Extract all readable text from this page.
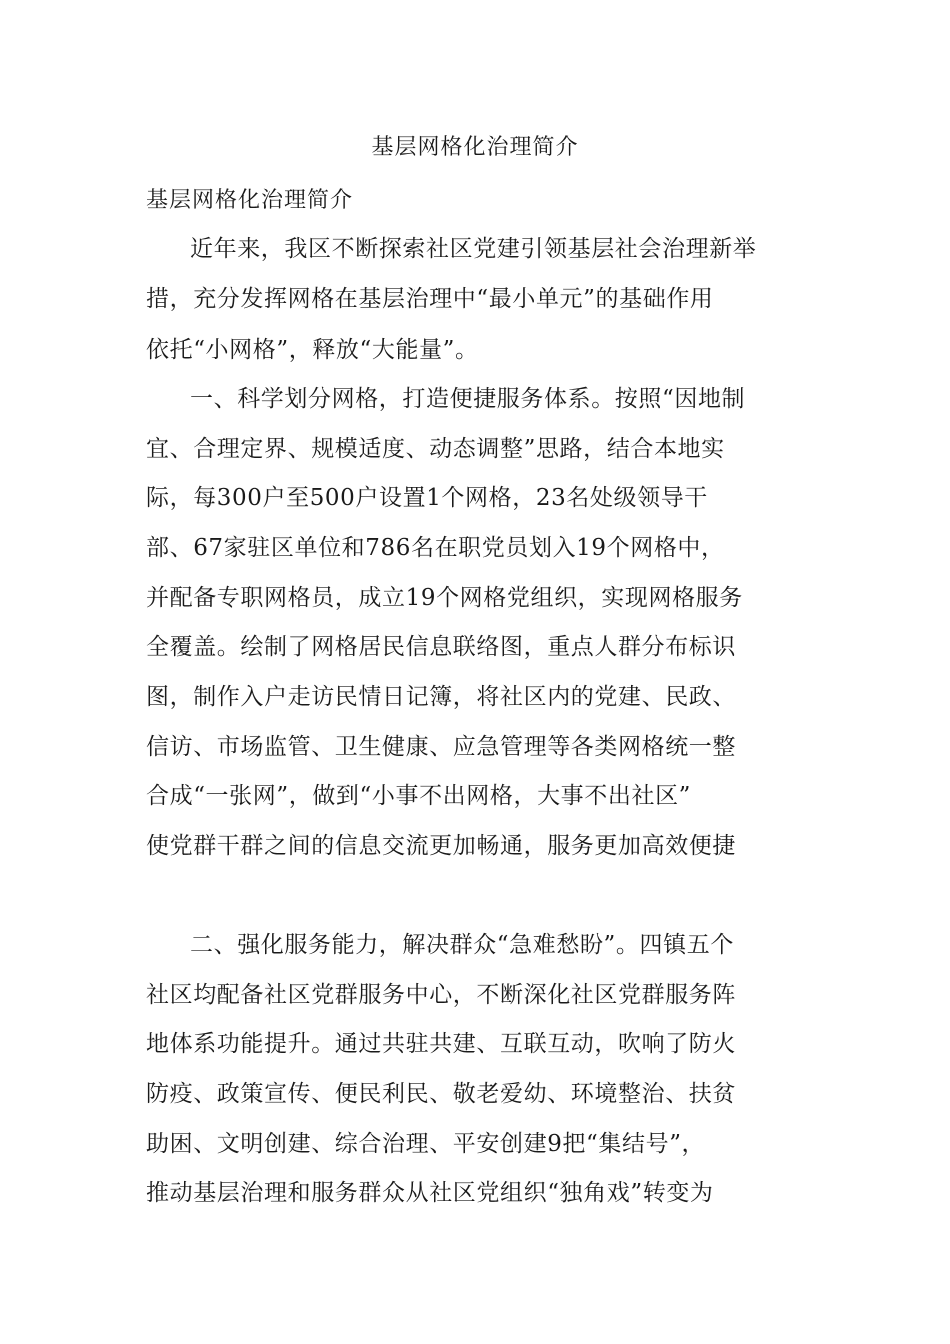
基层网格化治理简介
基层网格化治理简介
近年来，我区不断探索社区党建引领基层社会治理新举
措，充分发挥网格在基层治理中“最小单元”的基础作用
依托“小网格”，释放“大能量”。
一、科学划分网格，打造便捷服务体系。按照“因地制
宜、合理定界、规模适度、动态调整”思路，结合本地实
际，每300户至500户设置1个网格，23名处级领导干
部、67家驻区单位和786名在职党员划入19个网格中，
并配备专职网格员，成立19个网格党组织，实现网格服务
全覆盖。绘制了网格居民信息联络图，重点人群分布标识
图，制作入户走访民情日记簿，将社区内的党建、民政、
信访、市场监管、卫生健康、应急管理等各类网格统一整
合成“一张网”，做到“小事不出网格，大事不出社区”
使党群干群之间的信息交流更加畅通，服务更加高效便捷
二、强化服务能力，解决群众“急难愁盼”。四镇五个
社区均配备社区党群服务中心，不断深化社区党群服务阵
地体系功能提升。通过共驻共建、互联互动，吹响了防火
防疫、政策宣传、便民利民、敬老爱幼、环境整治、扶贫
助困、文明创建、综合治理、平安创建9把“集结号”，
推动基层治理和服务群众从社区党组织“独角戏”转变为
